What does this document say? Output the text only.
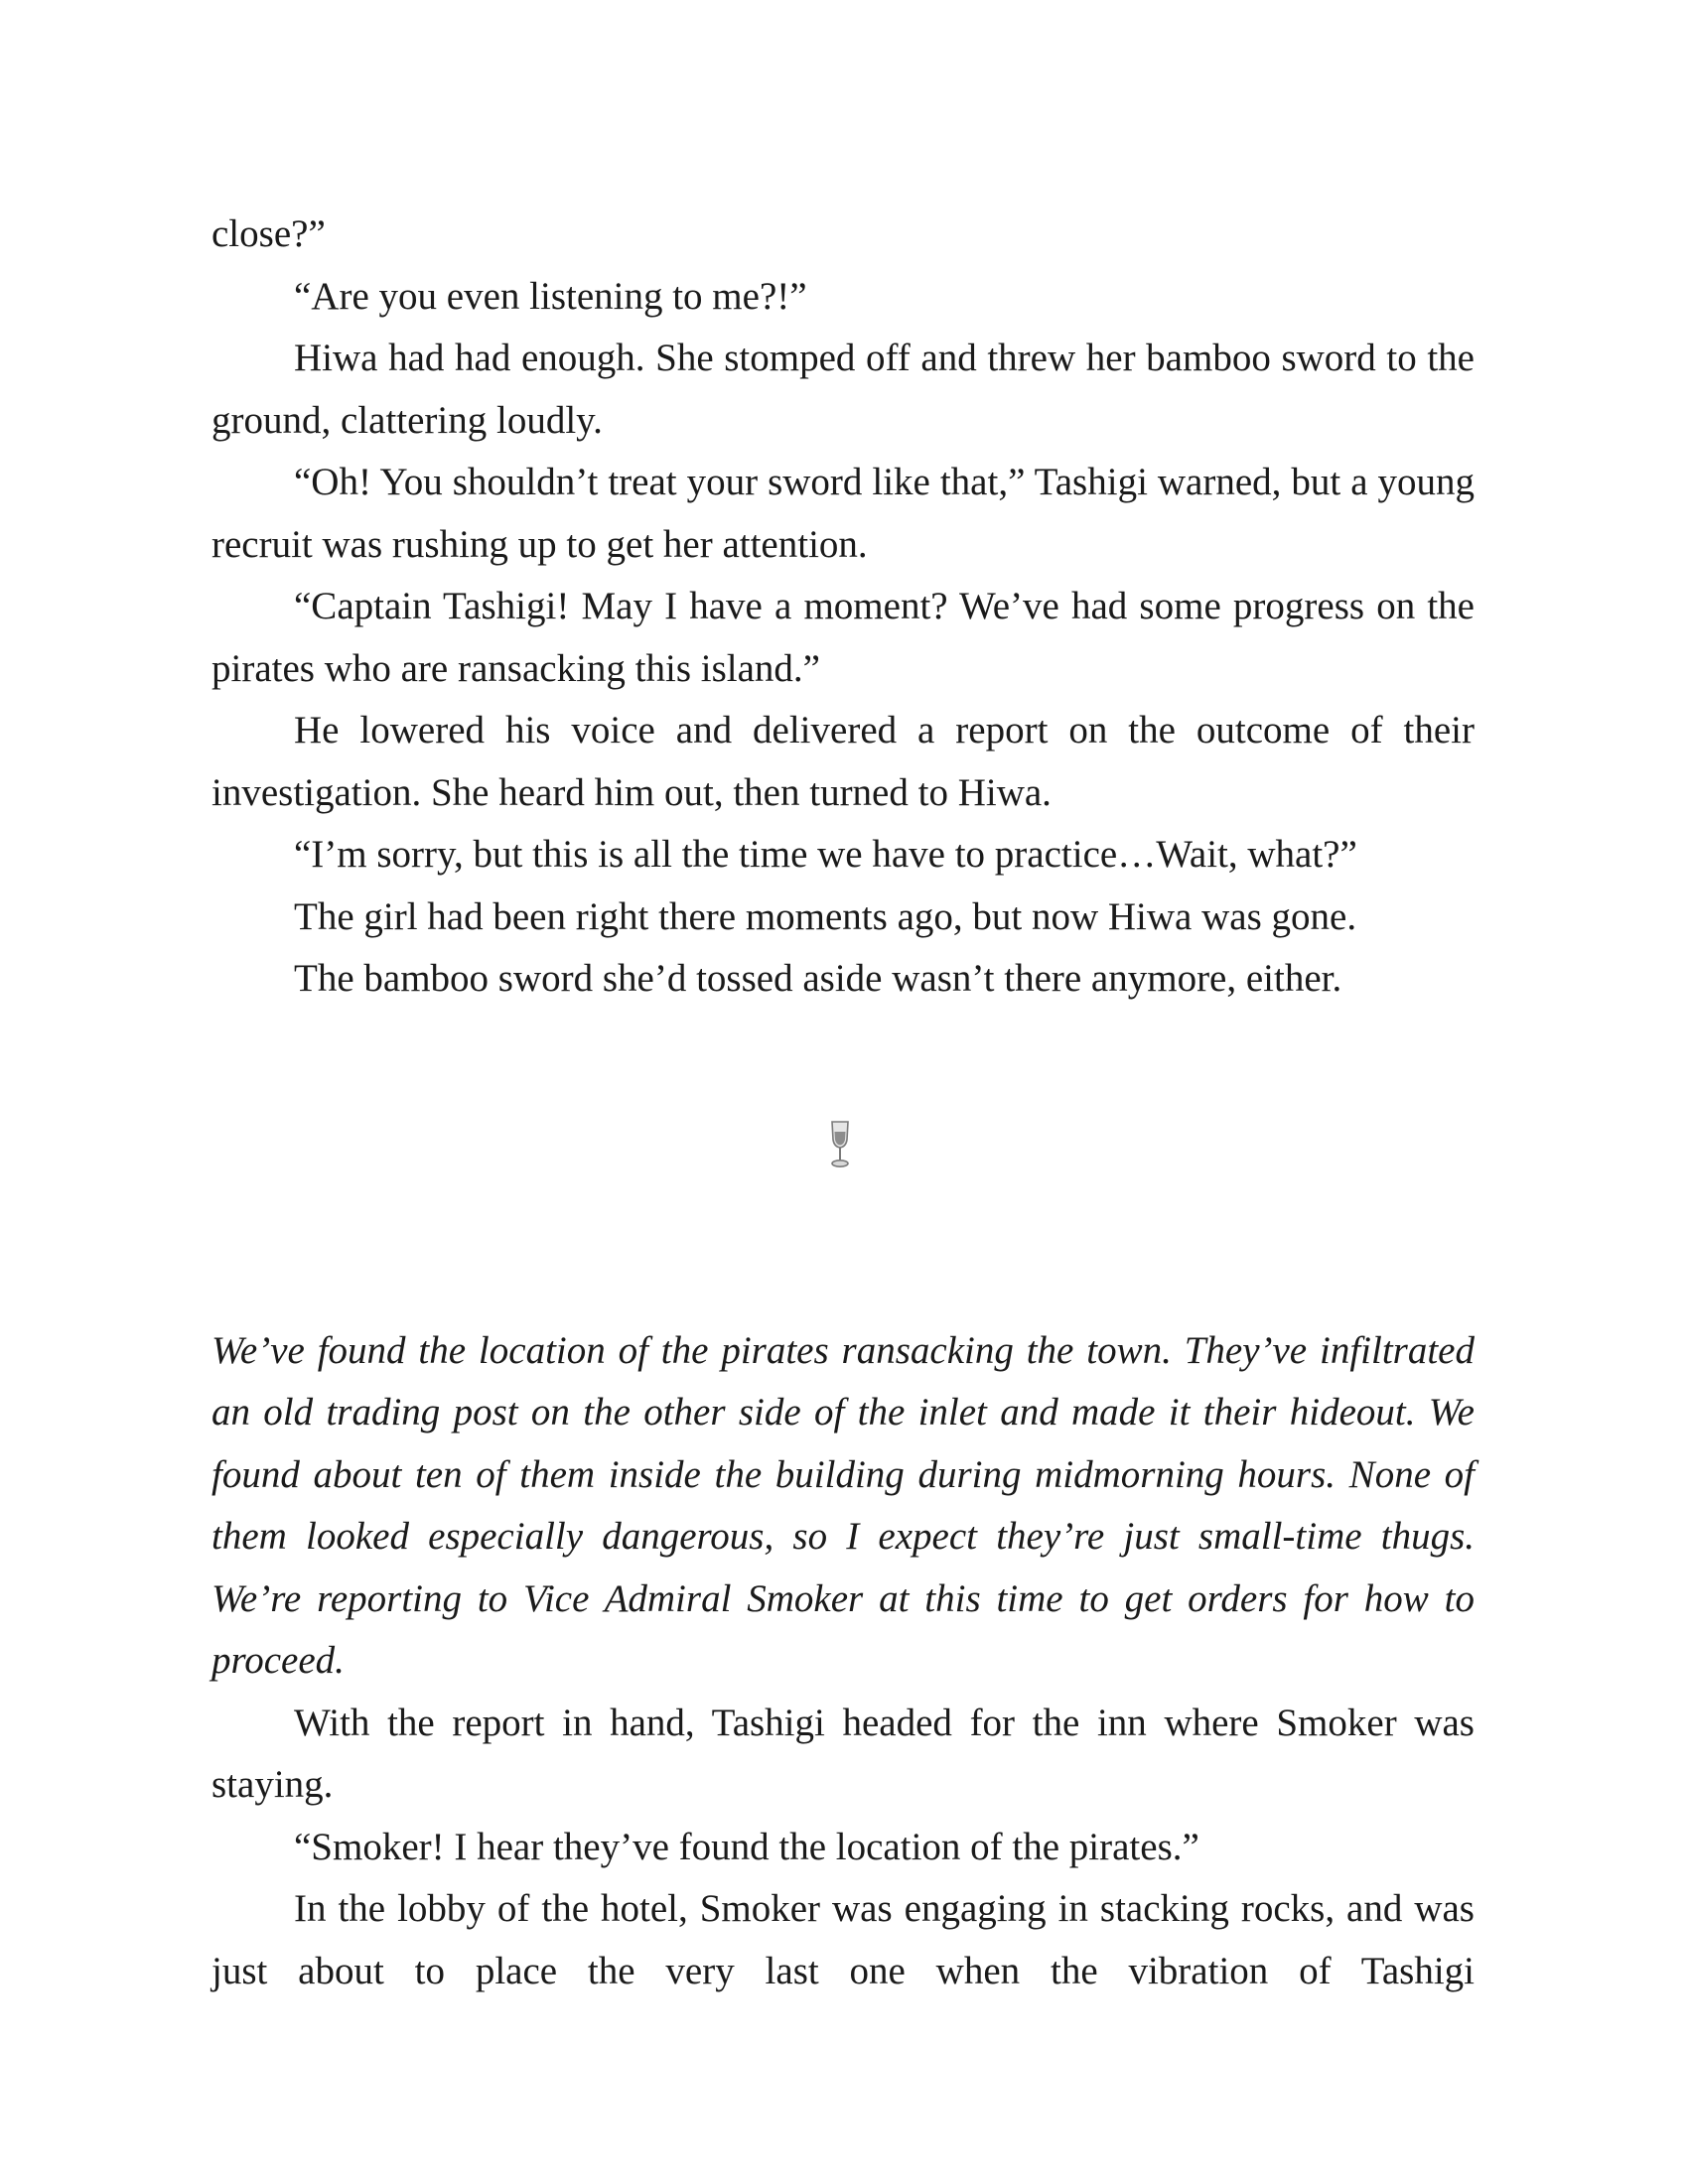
close?”

“Are you even listening to me?!”

Hiwa had had enough. She stomped off and threw her bamboo sword to the ground, clattering loudly.

“Oh! You shouldn’t treat your sword like that,” Tashigi warned, but a young recruit was rushing up to get her attention.

“Captain Tashigi! May I have a moment? We’ve had some progress on the pirates who are ransacking this island.”

He lowered his voice and delivered a report on the outcome of their investigation. She heard him out, then turned to Hiwa.

“I’m sorry, but this is all the time we have to practice…Wait, what?”

The girl had been right there moments ago, but now Hiwa was gone.

The bamboo sword she’d tossed aside wasn’t there anymore, either.

We’ve found the location of the pirates ransacking the town. They’ve infiltrated an old trading post on the other side of the inlet and made it their hideout. We found about ten of them inside the building during midmorning hours. None of them looked especially dangerous, so I expect they’re just small-time thugs. We’re reporting to Vice Admiral Smoker at this time to get orders for how to proceed.

With the report in hand, Tashigi headed for the inn where Smoker was staying.

“Smoker! I hear they’ve found the location of the pirates.”

In the lobby of the hotel, Smoker was engaging in stacking rocks, and was just about to place the very last one when the vibration of Tashigi
